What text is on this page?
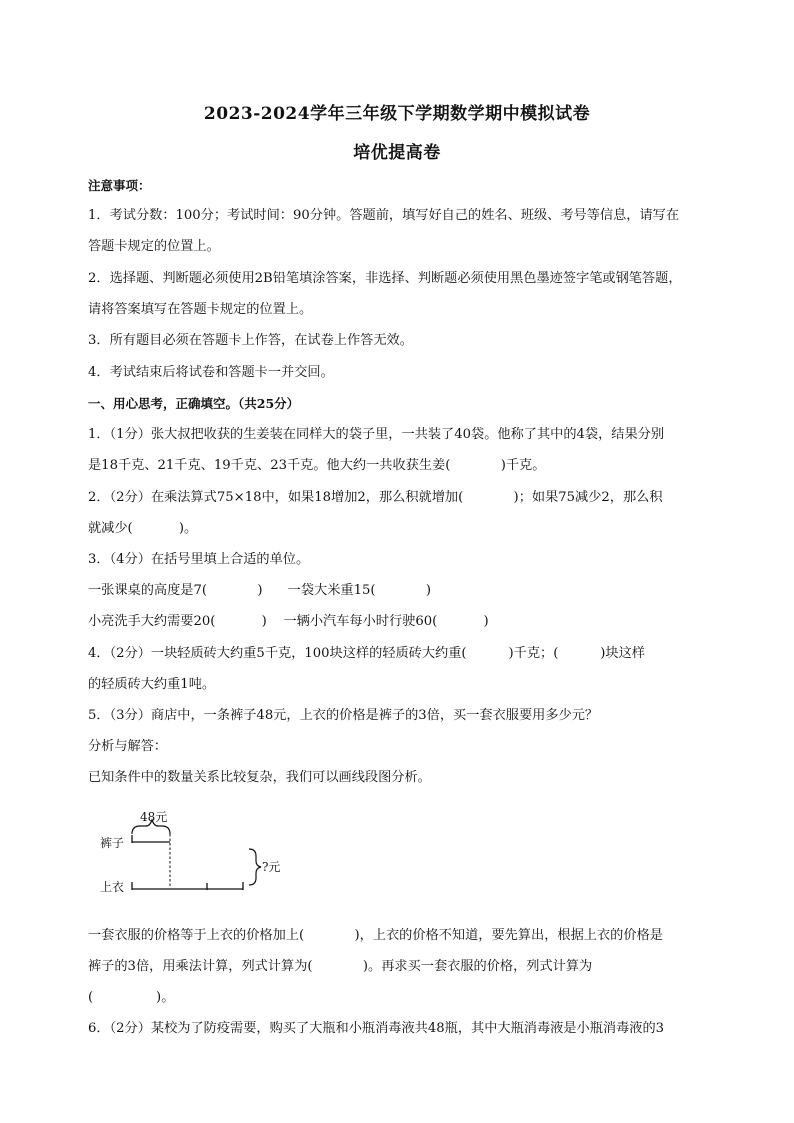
2023-2024学年三年级下学期数学期中模拟试卷
培优提高卷
注意事项：
1．考试分数：100分；考试时间：90分钟。答题前，填写好自己的姓名、班级、考号等信息，请写在
答题卡规定的位置上。
2．选择题、判断题必须使用2B铅笔填涂答案，非选择、判断题必须使用黑色墨迹签字笔或钢笔答题，
请将答案填写在答题卡规定的位置上。
3．所有题目必须在答题卡上作答，在试卷上作答无效。
4．考试结束后将试卷和答题卡一并交回。
一、用心思考，正确填空。（共25分）
1．（1分）张大叔把收获的生姜装在同样大的袋子里，一共装了40袋。他称了其中的4袋，结果分别
是18千克、21千克、19千克、23千克。他大约一共收获生姜(	)千克。
2．（2分）在乘法算式75×18中，如果18增加2，那么积就增加(	)；如果75减少2，那么积
就减少(	)。
3．（4分）在括号里填上合适的单位。
一张课桌的高度是7(	) 一袋大米重15(	)
小亮洗手大约需要20(	) 一辆小汽车每小时行驶60(	)
4．（2分）一块轻质砖大约重5千克，100块这样的轻质砖大约重(	)千克；(	)块这样
的轻质砖大约重1吨。
5．（3分）商店中，一条裤子48元，上衣的价格是裤子的3倍，买一套衣服要用多少元？
分析与解答：
已知条件中的数量关系比较复杂，我们可以画线段图分析。
48元
裤子
上衣
?元
一套衣服的价格等于上衣的价格加上(	)，上衣的价格不知道，要先算出，根据上衣的价格是
裤子的3倍，用乘法计算，列式计算为(	)。再求买一套衣服的价格，列式计算为
(	)。
6．（2分）某校为了防疫需要，购买了大瓶和小瓶消毒液共48瓶，其中大瓶消毒液是小瓶消毒液的3
